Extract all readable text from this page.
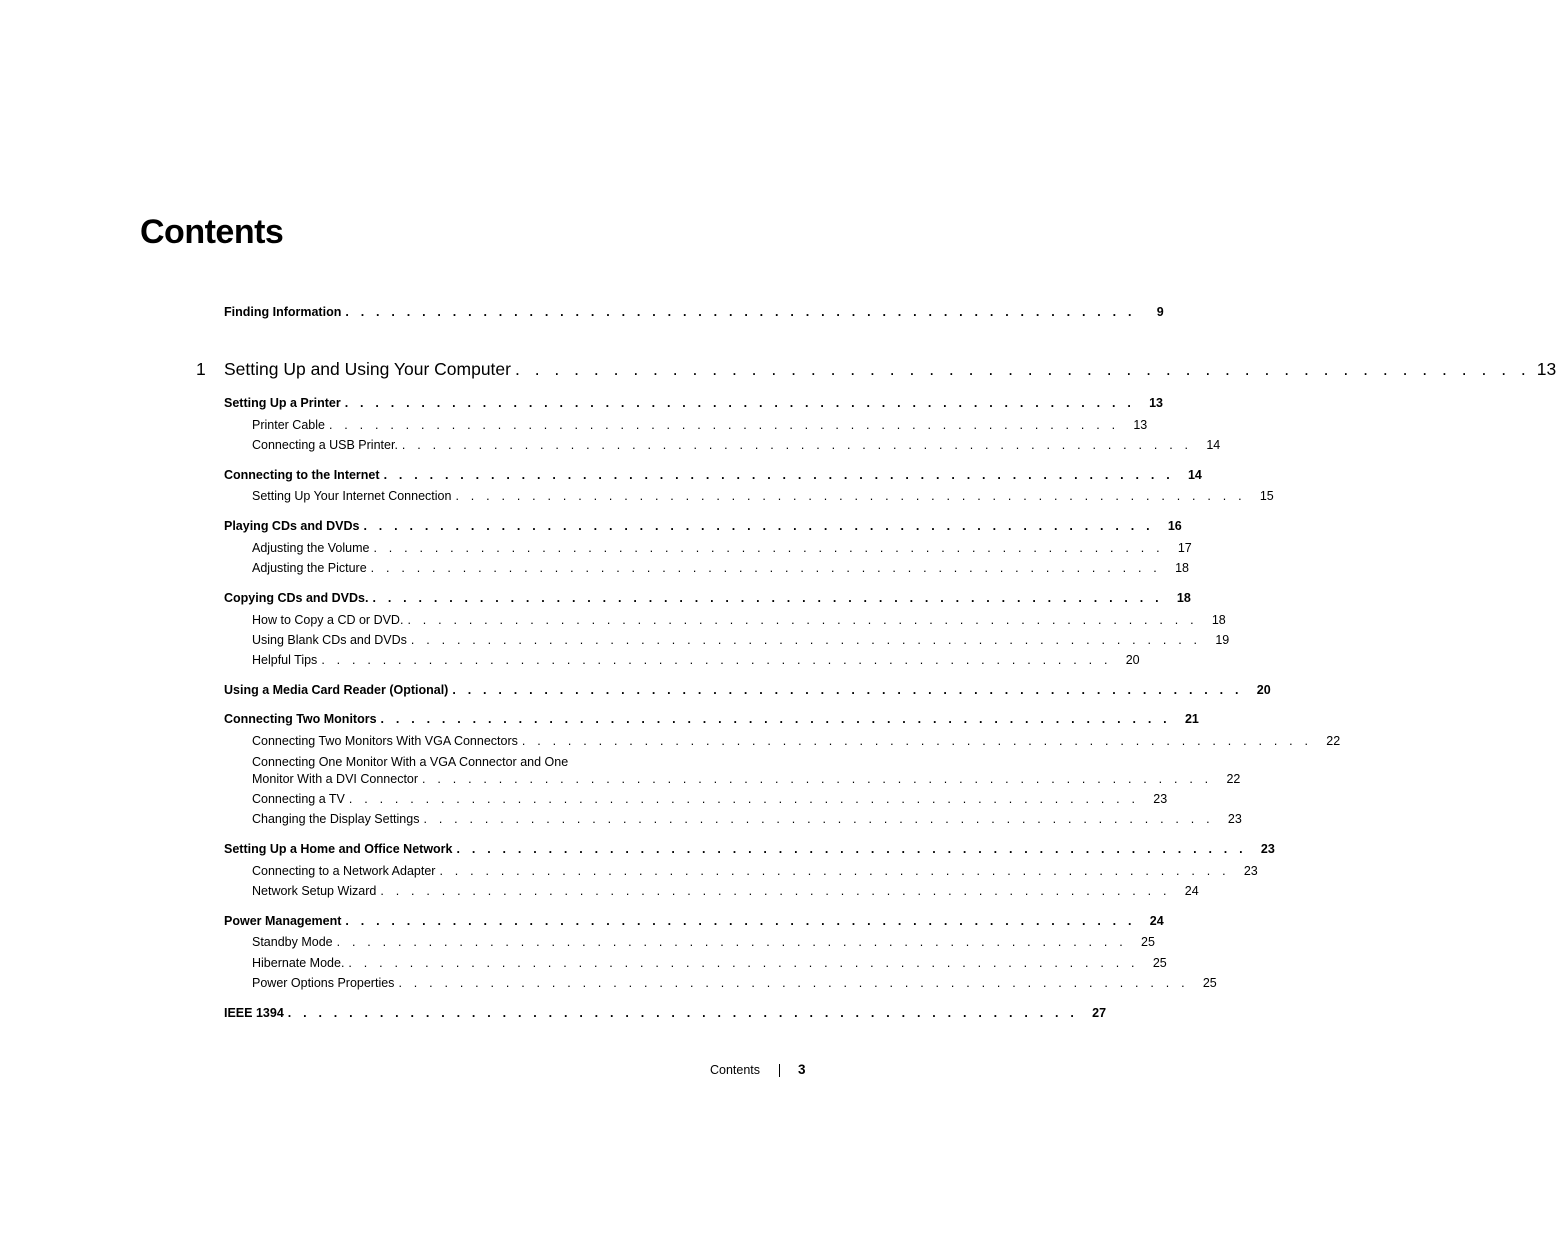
Contents
Finding Information . . . . . . . . . . . . . . . . . . . . . . . . . . . . . . . . . . . . . . . . . . . . . . . . . . . .	9
1 Setting Up and Using Your Computer . . . . . . . . . . . . . . . . . . . . . . . . . . . . . . . . . . . . . . . . . . . . . . . . . . . . 13
Setting Up a Printer . . . . . . . . . . . . . . . . . . . . . . . . . . . . . . . . . . . . . . . . . . . . . . . . . . . .	13
Printer Cable . . . . . . . . . . . . . . . . . . . . . . . . . . . . . . . . . . . . . . . . . . . . . . . . . . . .	13
Connecting a USB Printer. . . . . . . . . . . . . . . . . . . . . . . . . . . . . . . . . . . . . . . . . . . . . . . . . . . . .	14
Connecting to the Internet . . . . . . . . . . . . . . . . . . . . . . . . . . . . . . . . . . . . . . . . . . . . . . . . . . . .	14
Setting Up Your Internet Connection . . . . . . . . . . . . . . . . . . . . . . . . . . . . . . . . . . . . . . . . . . . . . . . . . . . .	15
Playing CDs and DVDs . . . . . . . . . . . . . . . . . . . . . . . . . . . . . . . . . . . . . . . . . . . . . . . . . . . .	16
Adjusting the Volume . . . . . . . . . . . . . . . . . . . . . . . . . . . . . . . . . . . . . . . . . . . . . . . . . . . .	17
Adjusting the Picture . . . . . . . . . . . . . . . . . . . . . . . . . . . . . . . . . . . . . . . . . . . . . . . . . . . .	18
Copying CDs and DVDs. . . . . . . . . . . . . . . . . . . . . . . . . . . . . . . . . . . . . . . . . . . . . . . . . . . . .	18
How to Copy a CD or DVD. . . . . . . . . . . . . . . . . . . . . . . . . . . . . . . . . . . . . . . . . . . . . . . . . . . . .	18
Using Blank CDs and DVDs . . . . . . . . . . . . . . . . . . . . . . . . . . . . . . . . . . . . . . . . . . . . . . . . . . . .	19
Helpful Tips . . . . . . . . . . . . . . . . . . . . . . . . . . . . . . . . . . . . . . . . . . . . . . . . . . . .	20
Using a Media Card Reader (Optional) . . . . . . . . . . . . . . . . . . . . . . . . . . . . . . . . . . . . . . . . . . . . . . . . . . . .	20
Connecting Two Monitors . . . . . . . . . . . . . . . . . . . . . . . . . . . . . . . . . . . . . . . . . . . . . . . . . . . .	21
Connecting Two Monitors With VGA Connectors . . . . . . . . . . . . . . . . . . . . . . . . . . . . . . . . . . . . . . . . . . . . . . . . . . . .	22
Connecting One Monitor With a VGA Connector and One
Monitor With a DVI Connector . . . . . . . . . . . . . . . . . . . . . . . . . . . . . . . . . . . . . . . . . . . . . . . . . . . .	22
Connecting a TV . . . . . . . . . . . . . . . . . . . . . . . . . . . . . . . . . . . . . . . . . . . . . . . . . . . .	23
Changing the Display Settings . . . . . . . . . . . . . . . . . . . . . . . . . . . . . . . . . . . . . . . . . . . . . . . . . . . .	23
Setting Up a Home and Office Network . . . . . . . . . . . . . . . . . . . . . . . . . . . . . . . . . . . . . . . . . . . . . . . . . . . .	23
Connecting to a Network Adapter . . . . . . . . . . . . . . . . . . . . . . . . . . . . . . . . . . . . . . . . . . . . . . . . . . . .	23
Network Setup Wizard . . . . . . . . . . . . . . . . . . . . . . . . . . . . . . . . . . . . . . . . . . . . . . . . . . . .	24
Power Management . . . . . . . . . . . . . . . . . . . . . . . . . . . . . . . . . . . . . . . . . . . . . . . . . . . .	24
Standby Mode . . . . . . . . . . . . . . . . . . . . . . . . . . . . . . . . . . . . . . . . . . . . . . . . . . . .	25
Hibernate Mode. . . . . . . . . . . . . . . . . . . . . . . . . . . . . . . . . . . . . . . . . . . . . . . . . . . . .	25
Power Options Properties . . . . . . . . . . . . . . . . . . . . . . . . . . . . . . . . . . . . . . . . . . . . . . . . . . . .	25
IEEE 1394 . . . . . . . . . . . . . . . . . . . . . . . . . . . . . . . . . . . . . . . . . . . . . . . . . . . .	27
Contents	3
